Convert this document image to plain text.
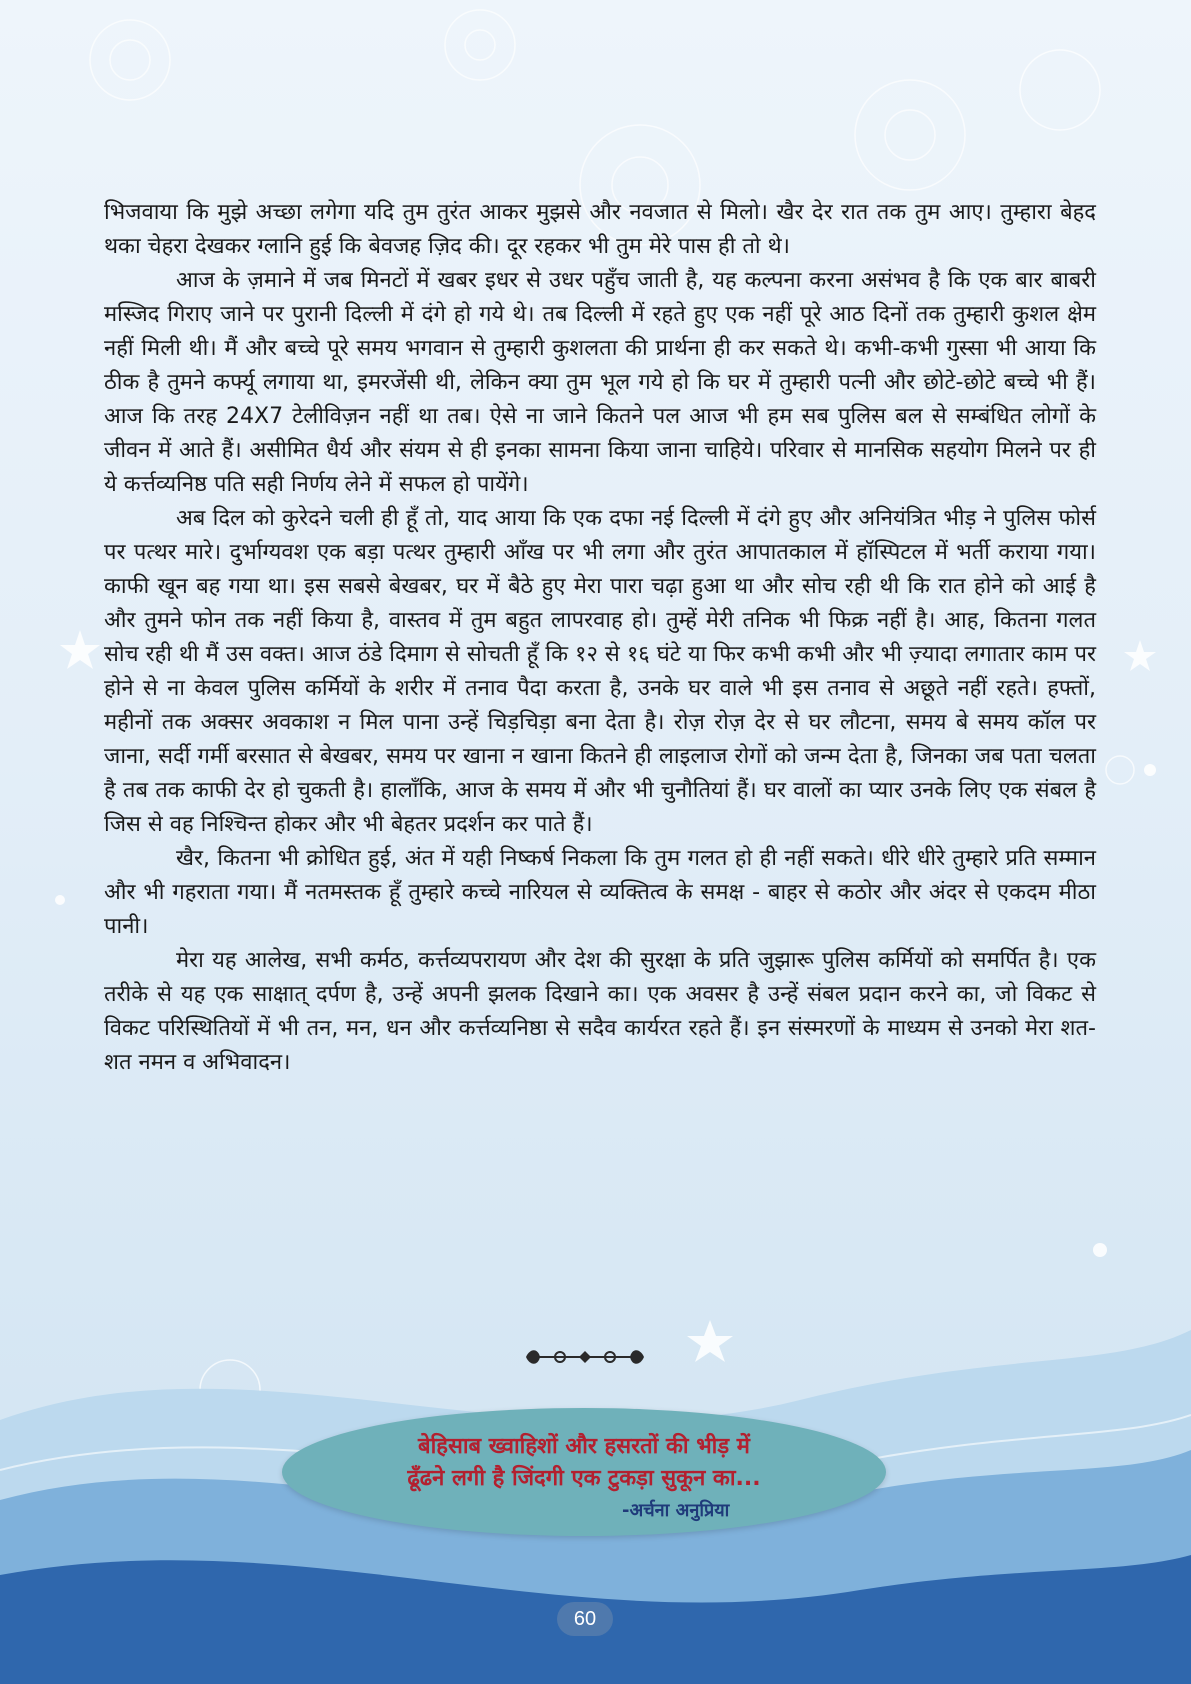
भिजवाया कि मुझे अच्छा लगेगा यदि तुम तुरंत आकर मुझसे और नवजात से मिलो। खैर देर रात तक तुम आए। तुम्हारा बेहद थका चेहरा देखकर ग्लानि हुई कि बेवजह ज़िद की। दूर रहकर भी तुम मेरे पास ही तो थे।

आज के ज़माने में जब मिनटों में खबर इधर से उधर पहुँच जाती है, यह कल्पना करना असंभव है कि एक बार बाबरी मस्जिद गिराए जाने पर पुरानी दिल्ली में दंगे हो गये थे। तब दिल्ली में रहते हुए एक नहीं पूरे आठ दिनों तक तुम्हारी कुशल क्षेम नहीं मिली थी। मैं और बच्चे पूरे समय भगवान से तुम्हारी कुशलता की प्रार्थना ही कर सकते थे। कभी-कभी गुस्सा भी आया कि ठीक है तुमने कर्फ्यू लगाया था, इमरजेंसी थी, लेकिन क्या तुम भूल गये हो कि घर में तुम्हारी पत्नी और छोटे-छोटे बच्चे भी हैं। आज कि तरह 24X7 टेलीविज़न नहीं था तब। ऐसे ना जाने कितने पल आज भी हम सब पुलिस बल से सम्बंधित लोगों के जीवन में आते हैं। असीमित धैर्य और संयम से ही इनका सामना किया जाना चाहिये। परिवार से मानसिक सहयोग मिलने पर ही ये कर्त्तव्यनिष्ठ पति सही निर्णय लेने में सफल हो पायेंगे।

अब दिल को कुरेदने चली ही हूँ तो, याद आया कि एक दफा नई दिल्ली में दंगे हुए और अनियंत्रित भीड़ ने पुलिस फोर्स पर पत्थर मारे। दुर्भाग्यवश एक बड़ा पत्थर तुम्हारी आँख पर भी लगा और तुरंत आपातकाल में हॉस्पिटल में भर्ती कराया गया। काफी खून बह गया था। इस सबसे बेखबर, घर में बैठे हुए मेरा पारा चढ़ा हुआ था और सोच रही थी कि रात होने को आई है और तुमने फोन तक नहीं किया है, वास्तव में तुम बहुत लापरवाह हो। तुम्हें मेरी तनिक भी फिक्र नहीं है। आह, कितना गलत सोच रही थी मैं उस वक्त। आज ठंडे दिमाग से सोचती हूँ कि १२ से १६ घंटे या फिर कभी कभी और भी ज़्यादा लगातार काम पर होने से ना केवल पुलिस कर्मियों के शरीर में तनाव पैदा करता है, उनके घर वाले भी इस तनाव से अछूते नहीं रहते। हफ्तों, महीनों तक अक्सर अवकाश न मिल पाना उन्हें चिड़चिड़ा बना देता है। रोज़ रोज़ देर से घर लौटना, समय बे समय कॉल पर जाना, सर्दी गर्मी बरसात से बेखबर, समय पर खाना न खाना कितने ही लाइलाज रोगों को जन्म देता है, जिनका जब पता चलता है तब तक काफी देर हो चुकती है। हालाँकि, आज के समय में और भी चुनौतियां हैं। घर वालों का प्यार उनके लिए एक संबल है जिस से वह निश्चिन्त होकर और भी बेहतर प्रदर्शन कर पाते हैं।

खैर, कितना भी क्रोधित हुई, अंत में यही निष्कर्ष निकला कि तुम गलत हो ही नहीं सकते। धीरे धीरे तुम्हारे प्रति सम्मान और भी गहराता गया। मैं नतमस्तक हूँ तुम्हारे कच्चे नारियल से व्यक्तित्व के समक्ष - बाहर से कठोर और अंदर से एकदम मीठा पानी।

मेरा यह आलेख, सभी कर्मठ, कर्त्तव्यपरायण और देश की सुरक्षा के प्रति जुझारू पुलिस कर्मियों को समर्पित है। एक तरीके से यह एक साक्षात् दर्पण है, उन्हें अपनी झलक दिखाने का। एक अवसर है उन्हें संबल प्रदान करने का, जो विकट से विकट परिस्थितियों में भी तन, मन, धन और कर्त्तव्यनिष्ठा से सदैव कार्यरत रहते हैं। इन संस्मरणों के माध्यम से उनको मेरा शत-शत नमन व अभिवादन।

बेहिसाब ख्वाहिशों और हसरतों की भीड़ में
ढूँढने लगी है जिंदगी एक टुकड़ा सुकून का...
-अर्चना अनुप्रिया
60
